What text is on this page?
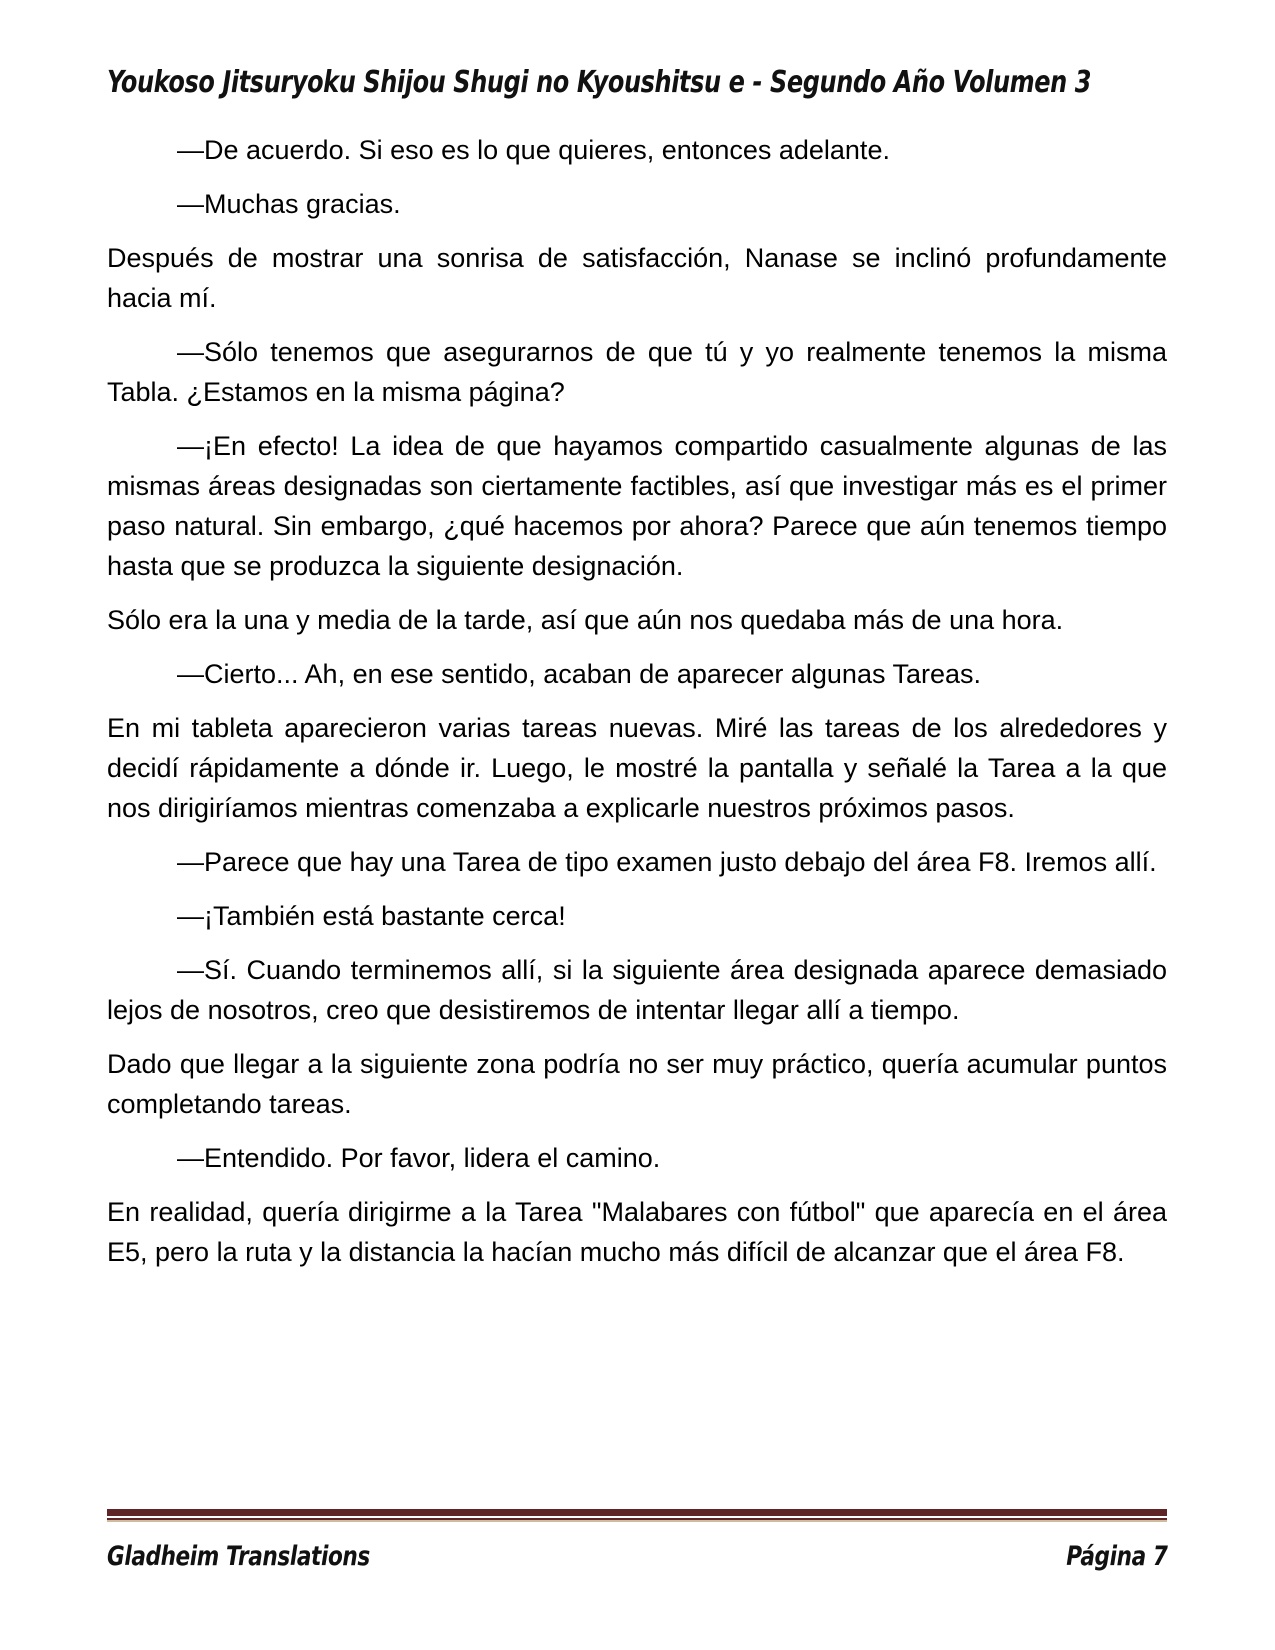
Youkoso Jitsuryoku Shijou Shugi no Kyoushitsu e - Segundo Año Volumen 3

—De acuerdo. Si eso es lo que quieres, entonces adelante.

—Muchas gracias.

Después de mostrar una sonrisa de satisfacción, Nanase se inclinó profundamente hacia mí.

—Sólo tenemos que asegurarnos de que tú y yo realmente tenemos la misma Tabla. ¿Estamos en la misma página?

—¡En efecto! La idea de que hayamos compartido casualmente algunas de las mismas áreas designadas son ciertamente factibles, así que investigar más es el primer paso natural. Sin embargo, ¿qué hacemos por ahora? Parece que aún tenemos tiempo hasta que se produzca la siguiente designación.

Sólo era la una y media de la tarde, así que aún nos quedaba más de una hora.

—Cierto... Ah, en ese sentido, acaban de aparecer algunas Tareas.

En mi tableta aparecieron varias tareas nuevas. Miré las tareas de los alrededores y decidí rápidamente a dónde ir. Luego, le mostré la pantalla y señalé la Tarea a la que nos dirigiríamos mientras comenzaba a explicarle nuestros próximos pasos.

—Parece que hay una Tarea de tipo examen justo debajo del área F8. Iremos allí.

—¡También está bastante cerca!

—Sí. Cuando terminemos allí, si la siguiente área designada aparece demasiado lejos de nosotros, creo que desistiremos de intentar llegar allí a tiempo.

Dado que llegar a la siguiente zona podría no ser muy práctico, quería acumular puntos completando tareas.

—Entendido. Por favor, lidera el camino.

En realidad, quería dirigirme a la Tarea "Malabares con fútbol" que aparecía en el área E5, pero la ruta y la distancia la hacían mucho más difícil de alcanzar que el área F8.

Gladheim Translations	Página 7
